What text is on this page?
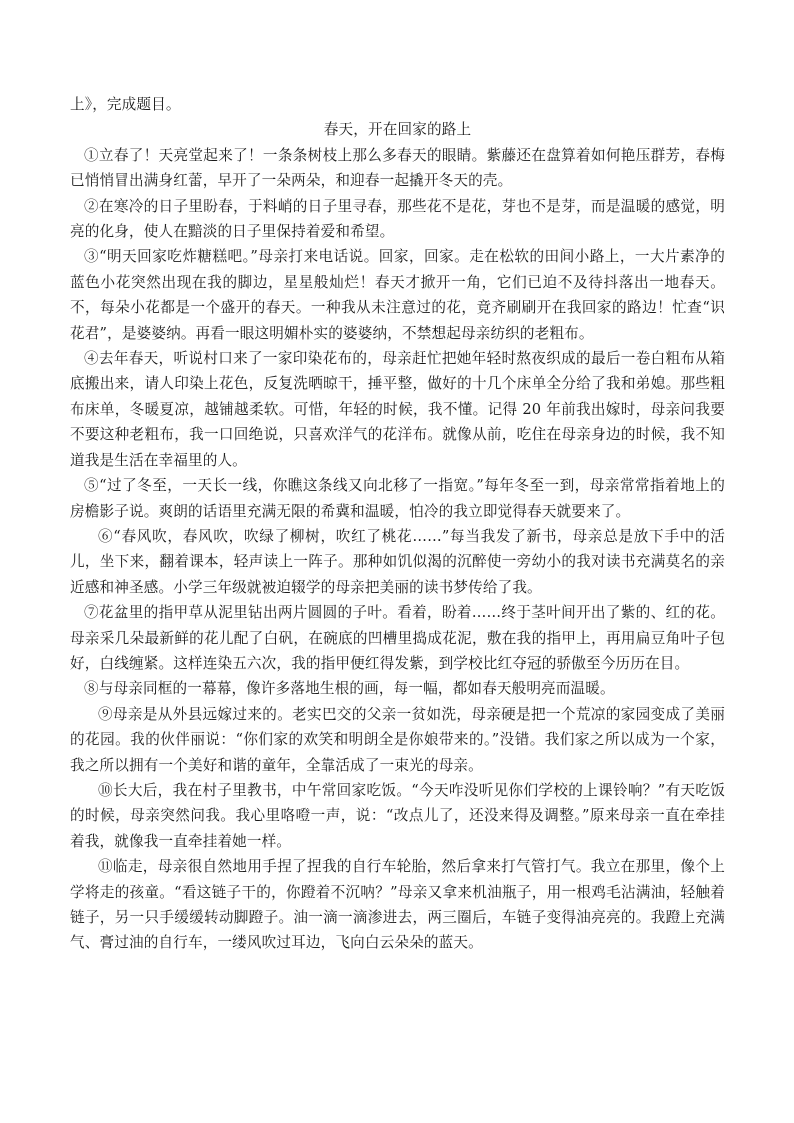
上》，完成题目。

春天，开在回家的路上

①立春了！天亮堂起来了！一条条树枝上那么多春天的眼睛。紫藤还在盘算着如何艳压群芳，春梅已悄悄冒出满身红蕾，早开了一朵两朵，和迎春一起撬开冬天的壳。

②在寒冷的日子里盼春，于料峭的日子里寻春，那些花不是花，芽也不是芽，而是温暖的感觉，明亮的化身，使人在黯淡的日子里保持着爱和希望。

③“明天回家吃炸糖糕吧。”母亲打来电话说。回家，回家。走在松软的田间小路上，一大片素净的蓝色小花突然出现在我的脚边，星星般灿烂！春天才掀开一角，它们已迫不及待抖落出一地春天。不，每朵小花都是一个盛开的春天。一种我从未注意过的花，竟齐刷刷开在我回家的路边！忙查“识花君”，是婆婆纳。再看一眼这明媚朴实的婆婆纳，不禁想起母亲纺织的老粗布。

④去年春天，听说村口来了一家印染花布的，母亲赶忙把她年轻时熬夜织成的最后一卷白粗布从箱底搬出来，请人印染上花色，反复洗晒晾干，捶平整，做好的十几个床单全分给了我和弟媳。那些粗布床单，冬暖夏凉，越铺越柔软。可惜，年轻的时候，我不懂。记得 20 年前我出嫁时，母亲问我要不要这种老粗布，我一口回绝说，只喜欢洋气的花洋布。就像从前，吃住在母亲身边的时候，我不知道我是生活在幸福里的人。

⑤“过了冬至，一天长一线，你瞧这条线又向北移了一指宽。”每年冬至一到，母亲常常指着地上的房檐影子说。爽朗的话语里充满无限的希冀和温暖，怕冷的我立即觉得春天就要来了。

⑥“春风吹，春风吹，吹绿了柳树，吹红了桃花……”每当我发了新书，母亲总是放下手中的活儿，坐下来，翻着课本，轻声读上一阵子。那种如饥似渴的沉醉使一旁幼小的我对读书充满莫名的亲近感和神圣感。小学三年级就被迫辍学的母亲把美丽的读书梦传给了我。

⑦花盆里的指甲草从泥里钻出两片圆圆的子叶。看着，盼着……终于茎叶间开出了紫的、红的花。母亲采几朵最新鲜的花儿配了白矾，在碗底的凹槽里捣成花泥，敷在我的指甲上，再用扁豆角叶子包好，白线缠紧。这样连染五六次，我的指甲便红得发紫，到学校比红夺冠的骄傲至今历历在目。

⑧与母亲同框的一幕幕，像许多落地生根的画，每一幅，都如春天般明亮而温暖。

⑨母亲是从外县远嫁过来的。老实巴交的父亲一贫如洗，母亲硬是把一个荒凉的家园变成了美丽的花园。我的伙伴丽说：“你们家的欢笑和明朗全是你娘带来的。”没错。我们家之所以成为一个家，我之所以拥有一个美好和谐的童年，全靠活成了一束光的母亲。

⑩长大后，我在村子里教书，中午常回家吃饭。“今天咋没听见你们学校的上课铃响？”有天吃饭的时候，母亲突然问我。我心里咯噔一声，说：“改点儿了，还没来得及调整。”原来母亲一直在牵挂着我，就像我一直牵挂着她一样。

⑪临走，母亲很自然地用手捏了捏我的自行车轮胎，然后拿来打气管打气。我立在那里，像个上学将走的孩童。“看这链子干的，你蹬着不沉呐？”母亲又拿来机油瓶子，用一根鸡毛沾满油，轻触着链子，另一只手缓缓转动脚蹬子。油一滴一滴渗进去，两三圈后，车链子变得油亮亮的。我蹬上充满气、膏过油的自行车，一缕风吹过耳边，飞向白云朵朵的蓝天。
